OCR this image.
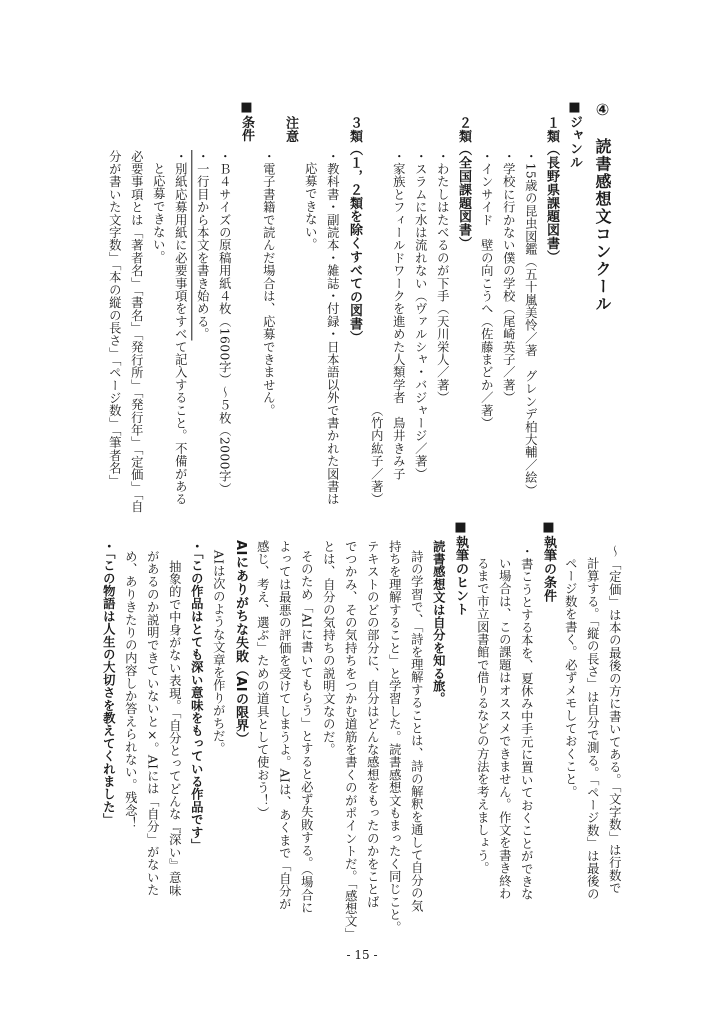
④　読書感想文コンクール
■ジャンル
１類（長野県課題図書）
・15歳の昆虫図鑑（五十嵐美怜／著　グレンデ柏大輔／絵）
・学校に行かない僕の学校（尾崎英子／著）
・インサイド　壁の向こうへ（佐藤まどか／著）
２類（全国課題図書）
・わたしはたべるのが下手（天川栄人／著）
・スラムに水は流れない（ヴァルシャ・バジャージ／著）
・家族とフィールドワークを進めた人類学者　鳥井きみ子
（竹内紘子／著）
３類（１，２類を除くすべての図書）
・教科書・副読本・雑誌・付録・日本語以外で書かれた図書は
応募できない。
注意
・電子書籍で読んだ場合は、応募できません。
■条件
・Ｂ４サイズの原稿用紙４枚（1600字）～５枚（2000字）
・一行目から本文を書き始める。
・別紙応募用紙に必要事項をすべて記入すること。不備がある
と応募できない。
必要事項とは「著者名」「書名」「発行所」「発行年」「定価」「自
分が書いた文字数」「本の縦の長さ」「ページ数」「筆者名」
～「定価」は本の最後の方に書いてある。「文字数」は行数で
計算する。「縦の長さ」は自分で測る。「ページ数」は最後の
ページ数を書く。必ずメモしておくこと。
■執筆の条件
・書こうとする本を、夏休み中手元に置いておくことができな
い場合は、この課題はオススメできません。作文を書き終わ
るまで市立図書館で借りるなどの方法を考えましょう。
■執筆のヒント
読書感想文は自分を知る旅。
詩の学習で、「詩を理解することは、詩の解釈を通して自分の気
持ちを理解すること」と学習した。読書感想文もまったく同じこと。
テキストのどの部分に、自分はどんな感想をもったのかをことば
でつかみ、その気持ちをつかむ道筋を書くのがポイントだ。「感想文」
とは、自分の気持ちの説明文なのだ。
そのため「AIに書いてもらう」とすると必ず失敗する。（場合に
よっては最悪の評価を受けてしまうよ。AIは、あくまで「自分が
感じ、考え、選ぶ」ための道具として使おう！）
AIにありがちな失敗（AIの限界）
AIは次のような文章を作りがちだ。
・「この作品はとても深い意味をもっている作品です」
抽象的で中身がない表現。「自分とってどんな『深い』意味
があるのか説明できていないと×。AIには「自分」がないた
め、ありきたりの内容しか答えられない。残念！
・「この物語は人生の大切さを教えてくれました」
- 15 -
